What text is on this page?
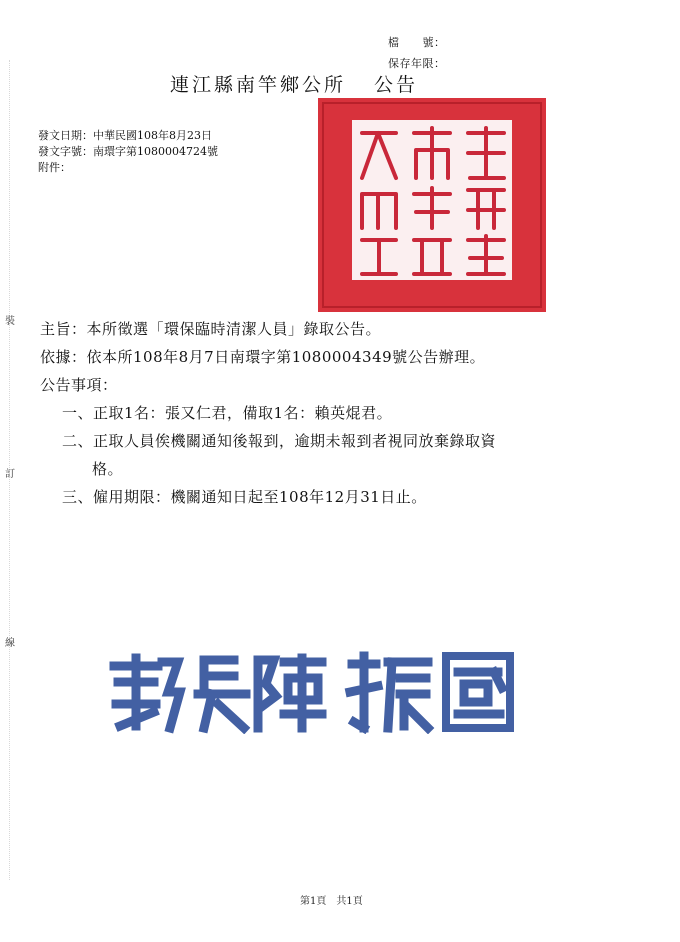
檔　　號：
保存年限：
連江縣南竿鄉公所 公告
發文日期：中華民國108年8月23日
發文字號：南環字第1080004724號
附件：
主旨：本所徵選「環保臨時清潔人員」錄取公告。
依據：依本所108年8月7日南環字第1080004349號公告辦理。
公告事項：
一、正取1名：張又仁君，備取1名：賴英焜君。
二、正取人員俟機關通知後報到，逾期未報到者視同放棄錄取資
格。
三、僱用期限：機關通知日起至108年12月31日止。
裝
訂
線
鄉長陳振國
第1頁　共1頁
